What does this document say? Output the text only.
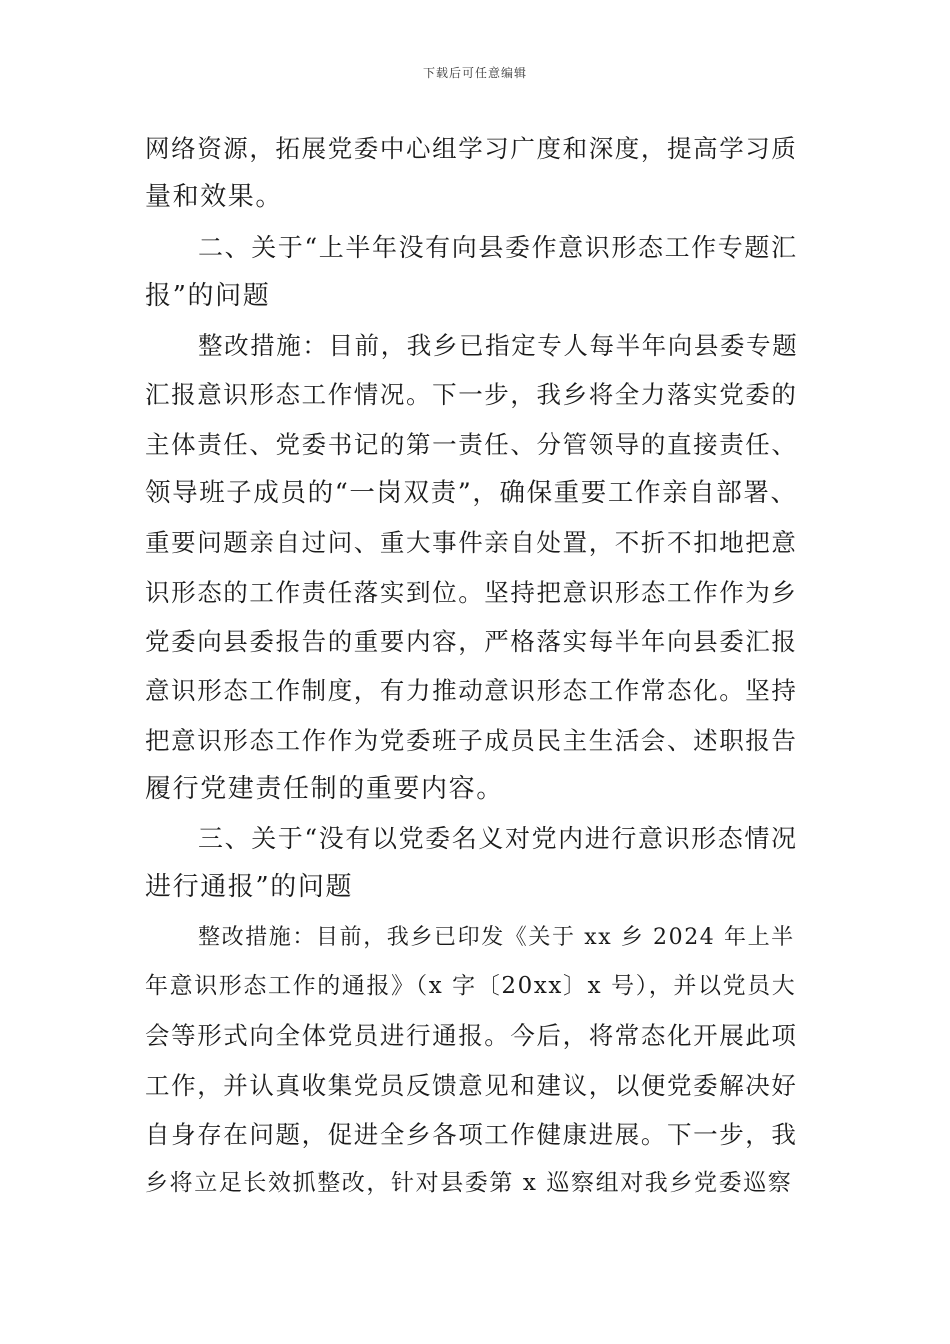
下载后可任意编辑
网络资源，拓展党委中心组学习广度和深度，提高学习质
量和效果。
二、关于“上半年没有向县委作意识形态工作专题汇
报”的问题
整改措施：目前，我乡已指定专人每半年向县委专题
汇报意识形态工作情况。下一步，我乡将全力落实党委的
主体责任、党委书记的第一责任、分管领导的直接责任、
领导班子成员的“一岗双责”，确保重要工作亲自部署、
重要问题亲自过问、重大事件亲自处置，不折不扣地把意
识形态的工作责任落实到位。坚持把意识形态工作作为乡
党委向县委报告的重要内容，严格落实每半年向县委汇报
意识形态工作制度，有力推动意识形态工作常态化。坚持
把意识形态工作作为党委班子成员民主生活会、述职报告
履行党建责任制的重要内容。
三、关于“没有以党委名义对党内进行意识形态情况
进行通报”的问题
整改措施：目前，我乡已印发《关于 xx 乡 2024 年上半
年意识形态工作的通报》（x 字〔20xx〕x 号），并以党员大
会等形式向全体党员进行通报。今后，将常态化开展此项
工作，并认真收集党员反馈意见和建议，以便党委解决好
自身存在问题，促进全乡各项工作健康进展。下一步，我
乡将立足长效抓整改，针对县委第 x 巡察组对我乡党委巡察
